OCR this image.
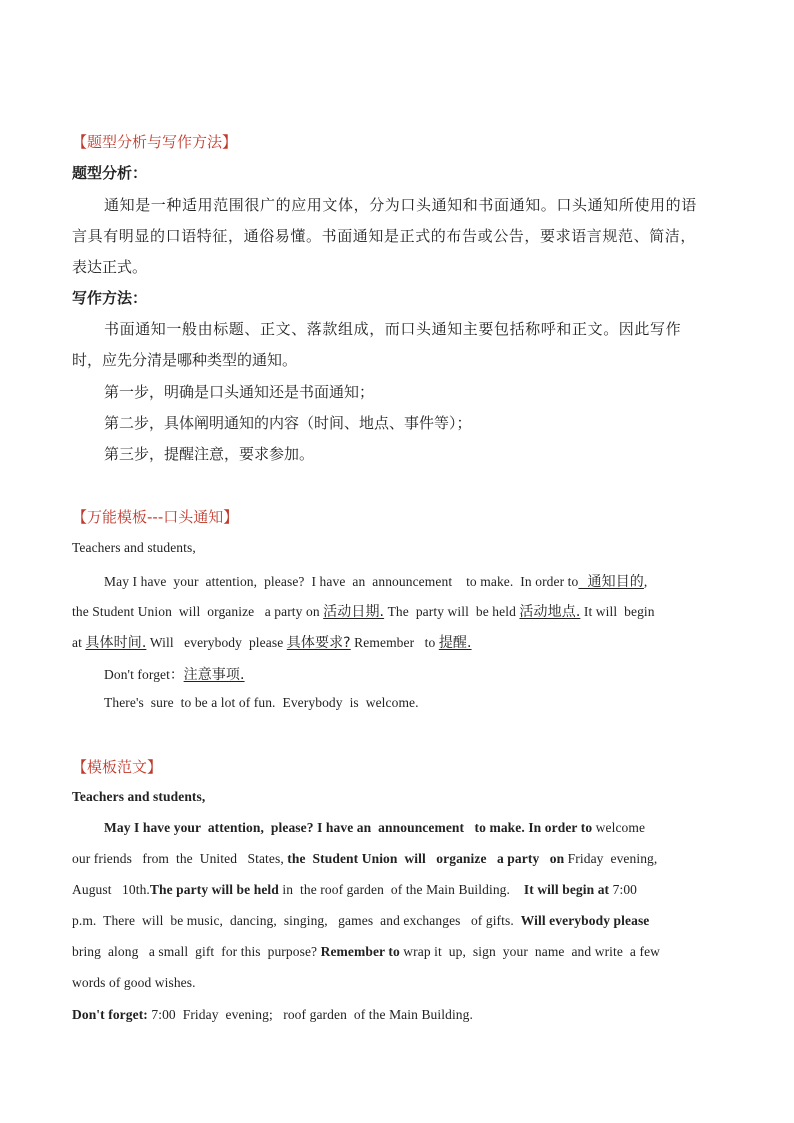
【题型分析与写作方法】
题型分析：
通知是一种适用范围很广的应用文体，分为口头通知和书面通知。口头通知所使用的语
言具有明显的口语特征，通俗易懂。书面通知是正式的布告或公告，要求语言规范、简洁，
表达正式。
写作方法：
书面通知一般由标题、正文、落款组成，而口头通知主要包括称呼和正文。因此写作
时，应先分清是哪种类型的通知。
第一步，明确是口头通知还是书面通知；
第二步，具体阐明通知的内容（时间、地点、事件等）；
第三步，提醒注意，要求参加。
【万能模板---口头通知】
Teachers and students,
May I have  your  attention,  please?  I have  an  announcement    to make.  In order to  通知目的,
the Student Union  will  organize   a party on 活动日期. The  party will  be held 活动地点. It will  begin
at 具体时间. Will   everybody  please 具体要求? Remember   to 提醒.
Don't forget：注意事项.
There's  sure  to be a lot of fun.  Everybody  is  welcome.
【模板范文】
Teachers and students,
May I have your  attention,  please? I have an  announcement   to make. In order to welcome
our friends   from  the  United   States, the  Student Union  will   organize   a party   on Friday  evening,
August   10th.The party will be held in  the roof garden  of the Main Building.    It will begin at 7:00
p.m.  There  will  be music,  dancing,  singing,   games  and exchanges   of gifts.  Will everybody please
bring  along   a small  gift  for this  purpose? Remember to wrap it  up,  sign  your  name  and write  a few
words of good wishes.
Don't forget: 7:00  Friday  evening;   roof garden  of the Main Building.
